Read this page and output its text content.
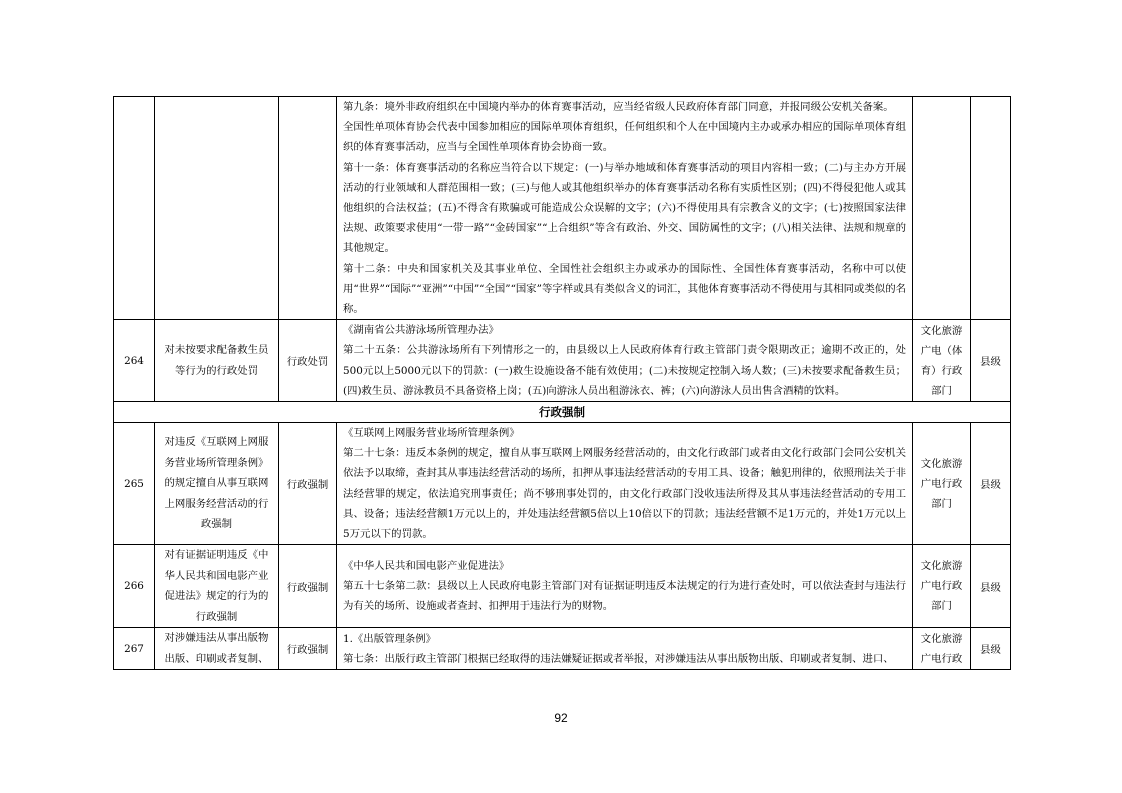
			第九条：境外非政府组织在中国境内举办的体育赛事活动，应当经省级人民政府体育部门同意，并报同级公安机关备案。

全国性单项体育协会代表中国参加相应的国际单项体育组织，任何组织和个人在中国境内主办或承办相应的国际单项体育组织的体育赛事活动，应当与全国性单项体育协会协商一致。

第十一条：体育赛事活动的名称应当符合以下规定：(一)与举办地域和体育赛事活动的项目内容相一致；(二)与主办方开展活动的行业领域和人群范围相一致；(三)与他人或其他组织举办的体育赛事活动名称有实质性区别；(四)不得侵犯他人或其他组织的合法权益；(五)不得含有欺骗或可能造成公众误解的文字；(六)不得使用具有宗教含义的文字；(七)按照国家法律法规、政策要求使用“一带一路”“金砖国家”“上合组织”等含有政治、外交、国防属性的文字；(八)相关法律、法规和规章的其他规定。

第十二条：中央和国家机关及其事业单位、全国性社会组织主办或承办的国际性、全国性体育赛事活动，名称中可以使用“世界”“国际”“亚洲”“中国”“全国”“国家”等字样或具有类似含义的词汇，其他体育赛事活动不得使用与其相同或类似的名称。		

264	对未按要求配备救生员等行为的行政处罚	行政处罚	《湖南省公共游泳场所管理办法》

第二十五条：公共游泳场所有下列情形之一的，由县级以上人民政府体育行政主管部门责令限期改正；逾期不改正的，处500元以上5000元以下的罚款：(一)救生设施设备不能有效使用；(二)未按规定控制入场人数；(三)未按要求配备救生员；(四)救生员、游泳教员不具备资格上岗；(五)向游泳人员出租游泳衣、裤；(六)向游泳人员出售含酒精的饮料。	文化旅游广电（体育）行政部门	县级
行政强制					
265	对违反《互联网上网服务营业场所管理条例》的规定擅自从事互联网上网服务经营活动的行政强制	行政强制	《互联网上网服务营业场所管理条例》

第二十七条：违反本条例的规定，擅自从事互联网上网服务经营活动的，由文化行政部门或者由文化行政部门会同公安机关依法予以取缔，查封其从事违法经营活动的场所，扣押从事违法经营活动的专用工具、设备；触犯刑律的，依照刑法关于非法经营罪的规定，依法追究刑事责任；尚不够刑事处罚的，由文化行政部门没收违法所得及其从事违法经营活动的专用工具、设备；违法经营额1万元以上的，并处违法经营额5倍以上10倍以下的罚款；违法经营额不足1万元的，并处1万元以上5万元以下的罚款。	文化旅游广电行政部门	县级
266	对有证据证明违反《中华人民共和国电影产业促进法》规定的行为的行政强制	行政强制	《中华人民共和国电影产业促进法》

第五十七条第二款：县级以上人民政府电影主管部门对有证据证明违反本法规定的行为进行查处时，可以依法查封与违法行为有关的场所、设施或者查封、扣押用于违法行为的财物。	文化旅游广电行政部门	县级
267	对涉嫌违法从事出版物出版、印刷或者复制、	行政强制	1.《出版管理条例》

第七条：出版行政主管部门根据已经取得的违法嫌疑证据或者举报，对涉嫌违法从事出版物出版、印刷或者复制、进口、	文化旅游广电行政	县级
92
